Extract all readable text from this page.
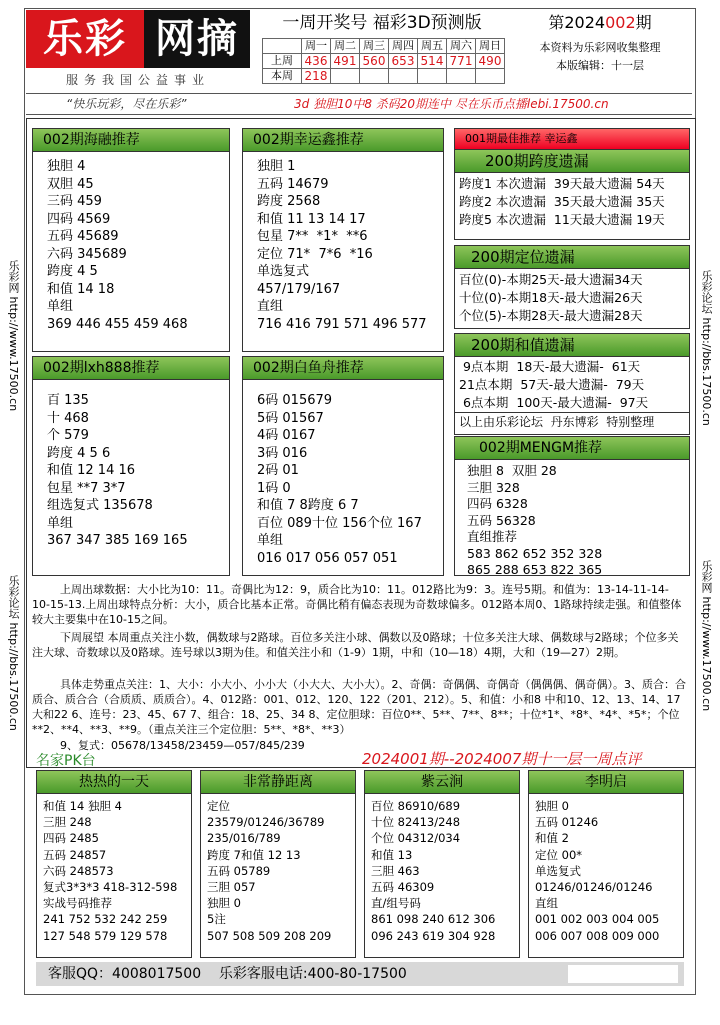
乐彩 网摘
服务我国公益事业
一周开奖号 福彩3D预测版
	周一	周二	周三	周四	周五	周六	周日
上周	436	491	560	653	514	771	490
本周	218						
第2024002期
本资料为乐彩网收集整理
本版编辑：十一层
“快乐玩彩，尽在乐彩”	3d 独胆10中8 杀码20期连中 尽在乐币点播lebi.17500.cn
乐彩网 http://www.17500.cn
乐彩论坛 http://bbs.17500.cn
乐彩论坛 http://bbs.17500.cn
乐彩网 http://www.17500.cn
002期海融推荐
独胆 4
双胆 45
三码 459
四码 4569
五码 45689
六码 345689
跨度 4 5
和值 14 18
单组
369 446 455 459 468
002期幸运鑫推荐
独胆 1
五码 14679
跨度 2568
和值 11 13 14 17
包星 7**  *1*  **6
定位 71*  7*6  *16
单选复式
457/179/167
直组
716 416 791 571 496 577
002期lxh888推荐
百 135
十 468
个 579
跨度 4 5 6
和值 12 14 16
包星 **7 3*7
组选复式 135678
单组
367 347 385 169 165
002期白鱼舟推荐
6码 015679
5码 01567
4码 0167
3码 016
2码 01
1码 0
和值 7 8跨度 6 7
百位 089十位 156个位 167
单组
016 017 056 057 051
001期最佳推荐 幸运鑫
200期跨度遗漏
跨度1 本次遗漏  39天最大遗漏 54天
跨度2 本次遗漏  35天最大遗漏 35天
跨度5 本次遗漏  11天最大遗漏 19天
200期定位遗漏
百位(0)-本期25天-最大遗漏34天
十位(0)-本期18天-最大遗漏26天
个位(5)-本期28天-最大遗漏28天
200期和值遗漏
9点本期  18天-最大遗漏-  61天
21点本期  57天-最大遗漏-  79天
6点本期  100天-最大遗漏-  97天
以上由乐彩论坛  丹东博彩  特别整理
002期MENGM推荐
独胆 8  双胆 28
三胆 328
四码 6328
五码 56328
直组推荐
583 862 652 352 328
865 288 653 822 365
上周出球数据：大小比为10：11。奇偶比为12：9，质合比为10：11。012路比为9：3。连号5期。和值为：13-14-11-14-10-15-13.上周出球特点分析：大小，质合比基本正常。奇偶比稍有偏态表现为奇数球偏多。012路本周0、1路球持续走强。和值整体较大主要集中在10-15之间。
下周展望 本周重点关注小数，偶数球与2路球。百位多关注小球、偶数以及0路球；十位多关注大球、偶数球与2路球；个位多关注大球、奇数球以及0路球。连号球以3期为佳。和值关注小和（1-9）1期，中和（10—18）4期，大和（19—27）2期。
具体走势重点关注：1、大小：小大小、小小大（小大大、大小大）。2、奇偶：奇偶偶、奇偶奇（偶偶偶、偶奇偶）。3、质合：合质合、质合合（合质质、质质合）。4、012路：001、012、120、122（201、212）。5、和值：小和8 中和10、12、13、14、17大和22 6、连号：23、45、67 7、组合：18、25、34 8、定位胆球：百位0**、5**、7**、8**；十位*1*、*8*、*4*、*5*；个位**2、**4、**3、**9。（重点关注三个定位胆：5**、*8*、**3）
9、复式：05678/13458/23459—057/845/239
名家PK台	2024001期--2024007期十一层一周点评
热热的一天
和值 14 独胆 4
三胆 248
四码 2485
五码 24857
六码 248573
复式3*3*3 418-312-598
实战号码推荐
241 752 532 242 259
127 548 579 129 578
非常静距离
定位
23579/01246/36789
235/016/789
跨度 7和值 12 13
五码 05789
三胆 057
独胆 0
5注
507 508 509 208 209
紫云涧
百位 86910/689
十位 82413/248
个位 04312/034
和值 13
三胆 463
五码 46309
直/组号码
861 098 240 612 306
096 243 619 304 928
李明启
独胆 0
五码 01246
和值 2
定位 00*
单选复式
01246/01246/01246
直组
001 002 003 004 005
006 007 008 009 000
客服QQ：4008017500    乐彩客服电话:400-80-17500
